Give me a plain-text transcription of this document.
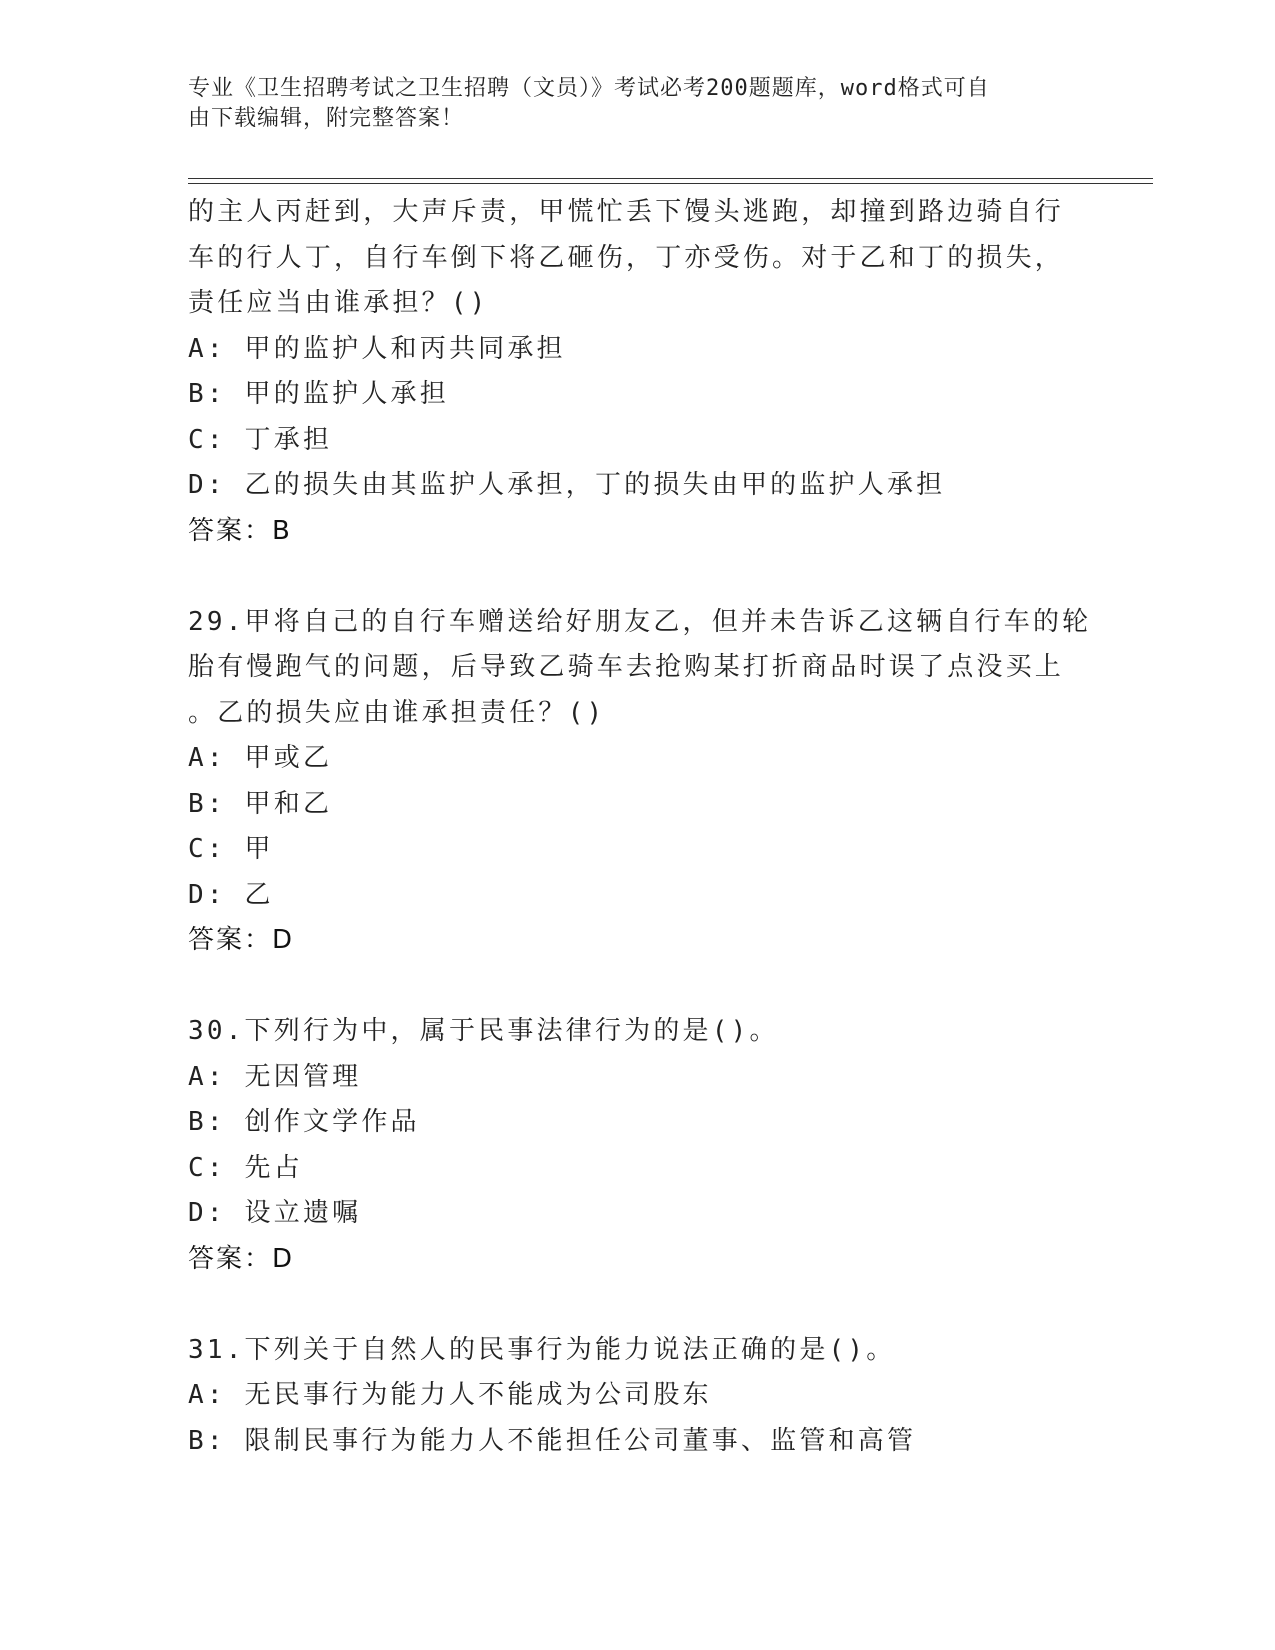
专业《卫生招聘考试之卫生招聘（文员）》考试必考200题题库，word格式可自
由下载编辑，附完整答案！
的主人丙赶到，大声斥责，甲慌忙丢下馒头逃跑，却撞到路边骑自行
车的行人丁，自行车倒下将乙砸伤，丁亦受伤。对于乙和丁的损失，
责任应当由谁承担？()
A: 甲的监护人和丙共同承担
B: 甲的监护人承担
C: 丁承担
D: 乙的损失由其监护人承担，丁的损失由甲的监护人承担
答案：B
29.甲将自己的自行车赠送给好朋友乙，但并未告诉乙这辆自行车的轮
胎有慢跑气的问题，后导致乙骑车去抢购某打折商品时误了点没买上
。乙的损失应由谁承担责任？()
A: 甲或乙
B: 甲和乙
C: 甲
D: 乙
答案：D
30.下列行为中，属于民事法律行为的是()。
A: 无因管理
B: 创作文学作品
C: 先占
D: 设立遗嘱
答案：D
31.下列关于自然人的民事行为能力说法正确的是()。
A: 无民事行为能力人不能成为公司股东
B: 限制民事行为能力人不能担任公司董事、监管和高管
